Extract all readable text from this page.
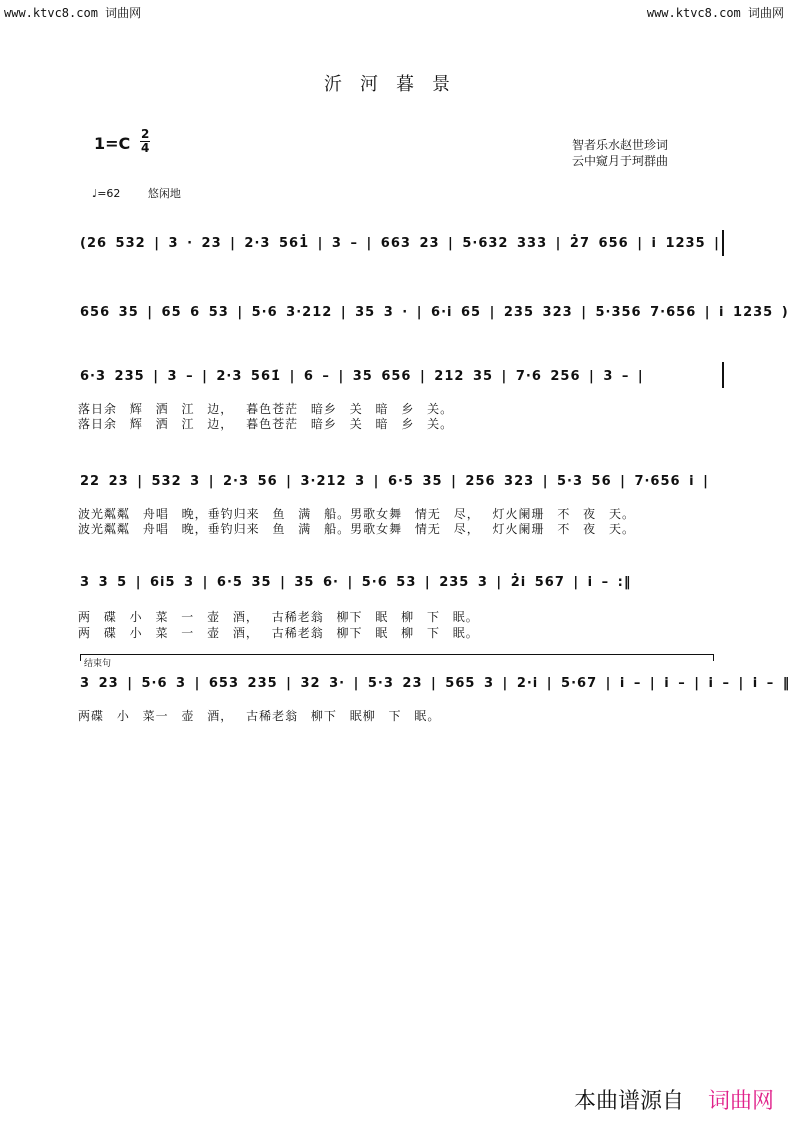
www.ktvc8.com 词曲网	www.ktvc8.com 词曲网
沂河暮景
1=C 2
4	智者乐水赵世珍词
云中窥月于珂群曲
♩=62	悠闲地
(26 532 | 3 · 23 | 2·3 561̇ | 3 – | 663 23 | 5·632 333 | 2̇7 656 | i 1235 |
656 35 | 65 6 53 | 5·6 3·212 | 35 3 · | 6·i 65 | 235 323 | 5·356 7·656 | i 1235 )
6·3 235 | 3 – | 2·3 561̇ | 6 – | 35 656 | 212 35 | 7·6 256 | 3 – |
落日余 辉 洒 江 边， 暮色苍茫 暗乡 关 暗 乡 关。
落日余 辉 洒 江 边， 暮色苍茫 暗乡 关 暗 乡 关。
22 23 | 532 3 | 2·3 56 | 3·212 3 | 6·5 35 | 256 323 | 5·3 56 | 7·656 i |
波光粼粼 舟唱 晚，垂钓归来 鱼 满 船。男歌女舞 情无 尽， 灯火阑珊 不 夜 天。
波光粼粼 舟唱 晚，垂钓归来 鱼 满 船。男歌女舞 情无 尽， 灯火阑珊 不 夜 天。
3 3 5 | 6i5 3 | 6·5 35 | 35 6· | 5·6 53 | 235 3 | 2̇i 567 | i – :‖
两 碟 小 菜 一 壶 酒， 古稀老翁 柳下 眠 柳 下 眠。
两 碟 小 菜 一 壶 酒， 古稀老翁 柳下 眠 柳 下 眠。
结束句
3 23 | 5·6 3 | 653 235 | 32 3· | 5·3 23 | 565 3 | 2·i | 5·67 | i – | i – | i – | i – ‖
两碟 小 菜一 壶 酒， 古稀老翁 柳下 眠柳 下 眠。
本曲谱源自 词曲网
